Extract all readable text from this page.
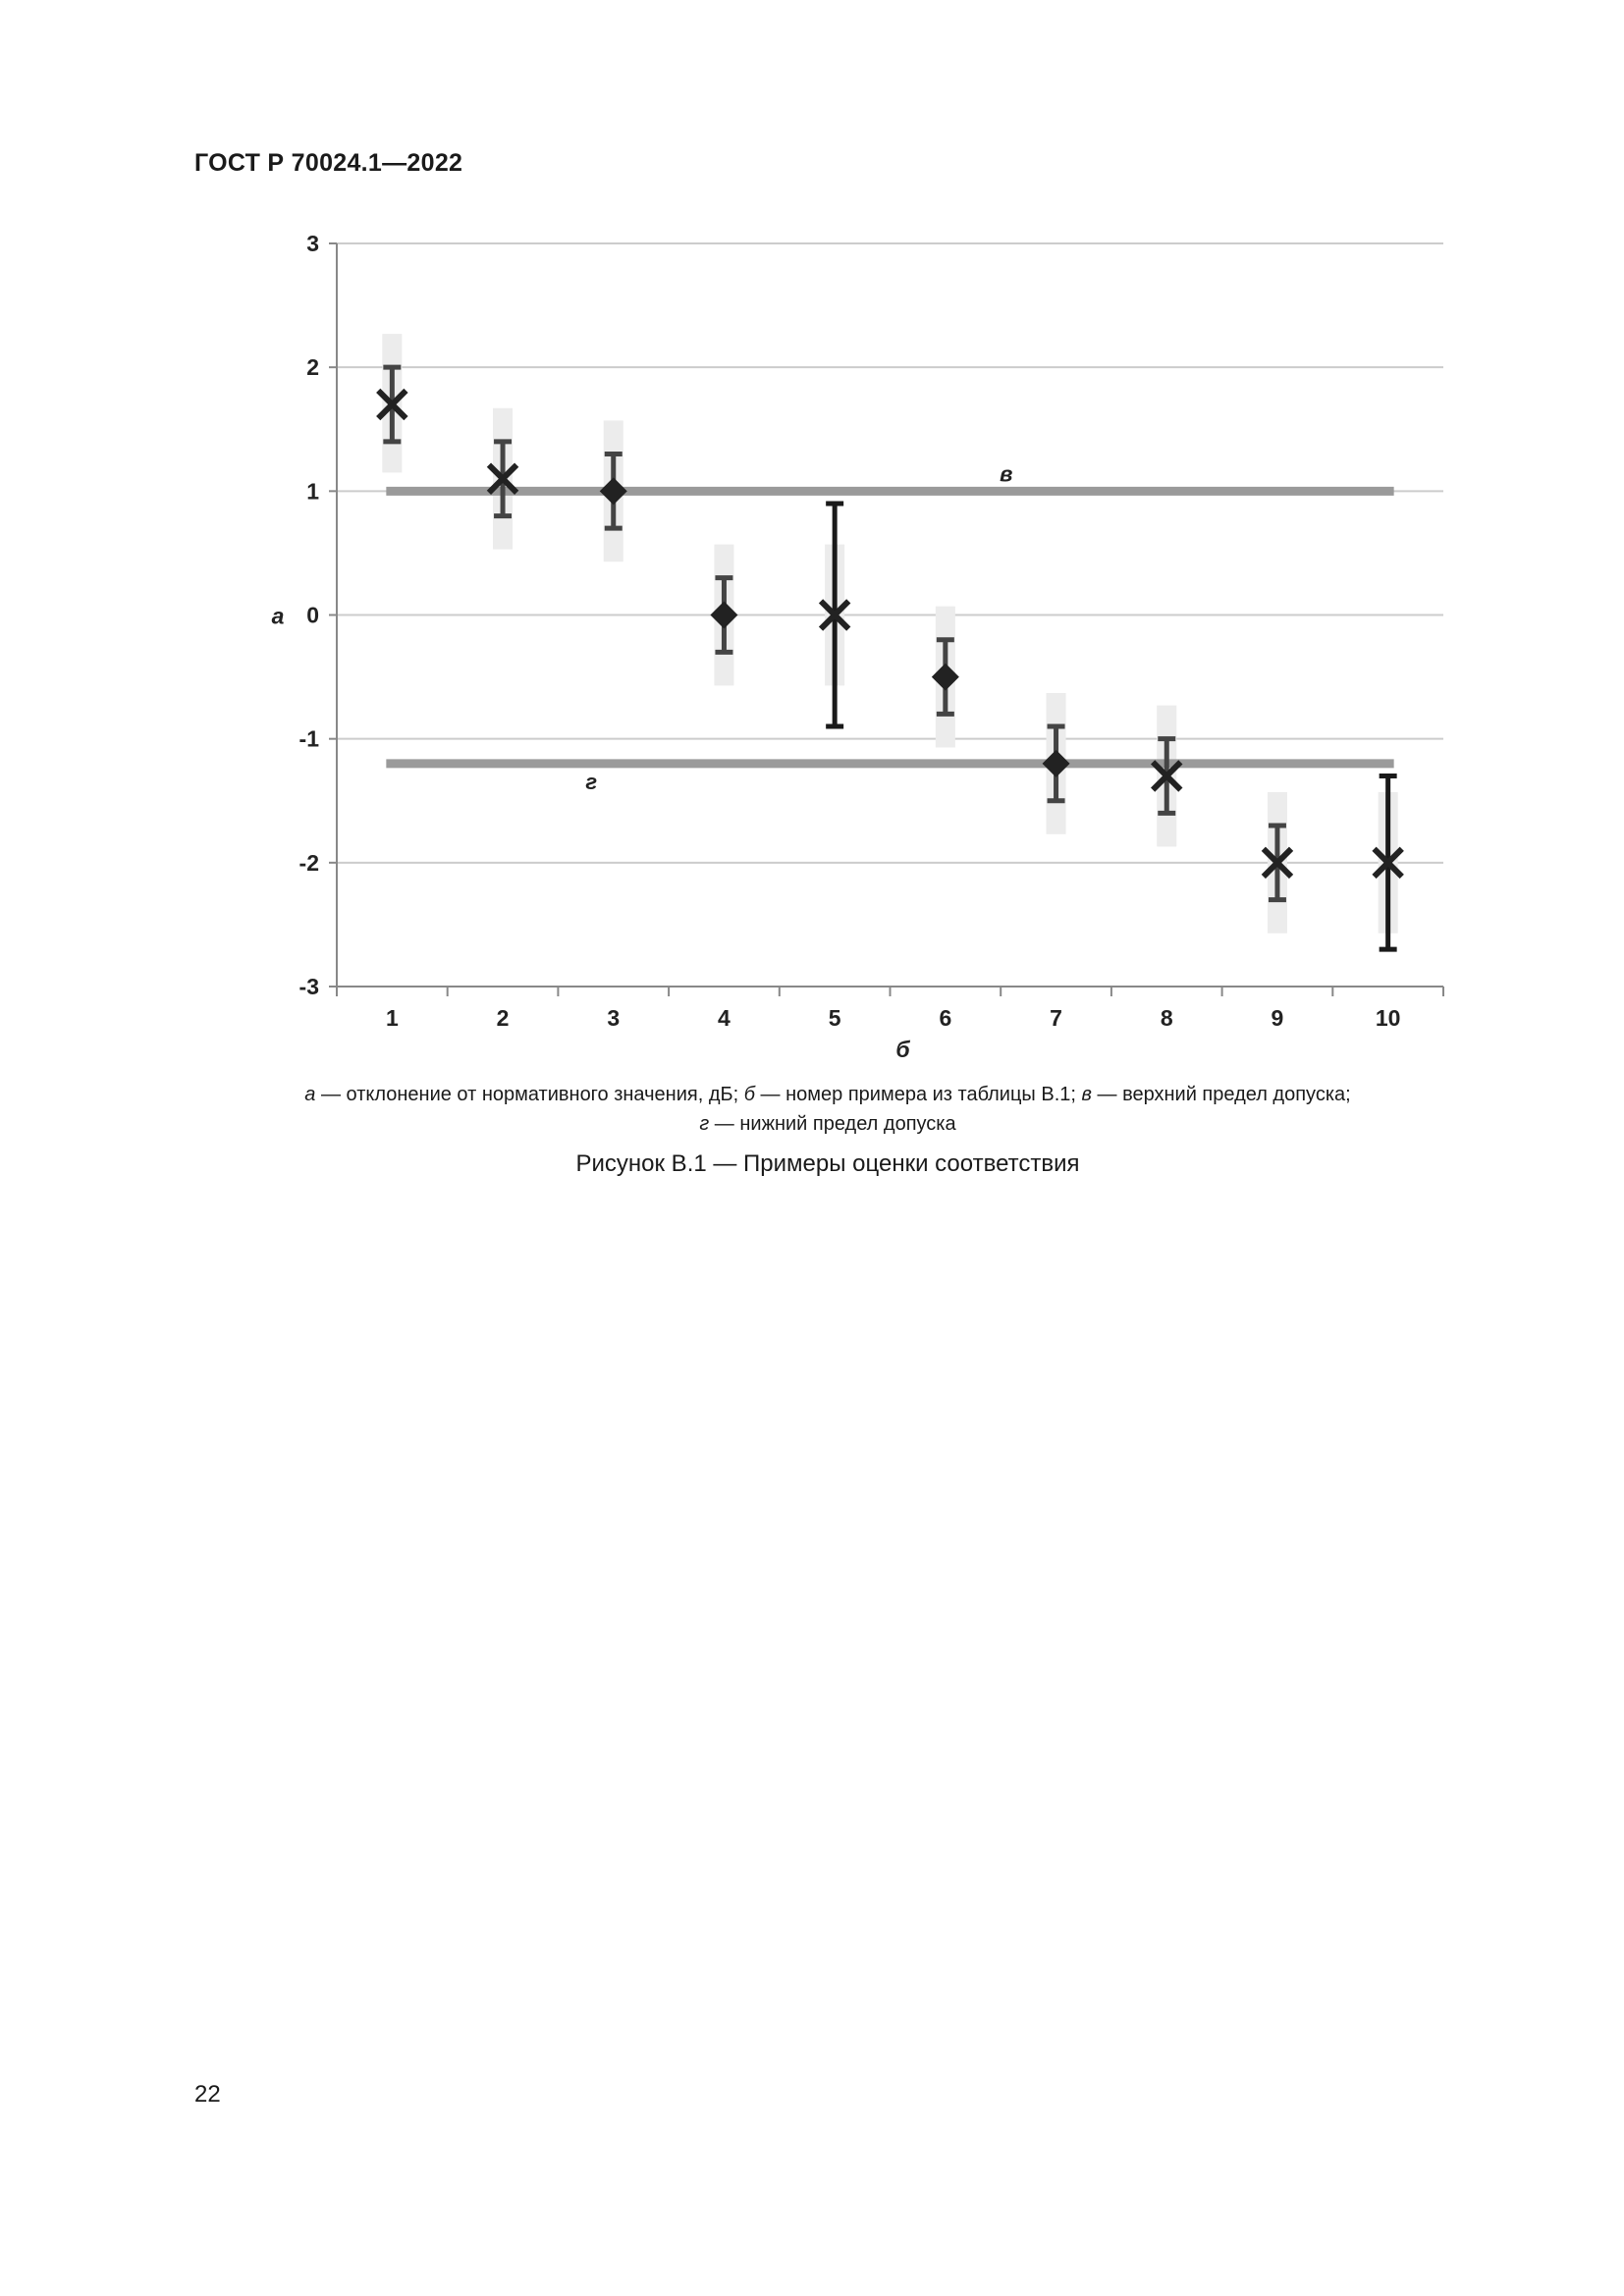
ГОСТ Р 70024.1—2022
3
2
1
0
-1
-2
-3
1	2	3	4	5	6	7	8	9	10
а
б
в
г
а — отклонение от нормативного значения, дБ; б — номер примера из таблицы В.1; в — верхний предел допуска;
г — нижний предел допуска
Рисунок В.1 — Примеры оценки соответствия
22
